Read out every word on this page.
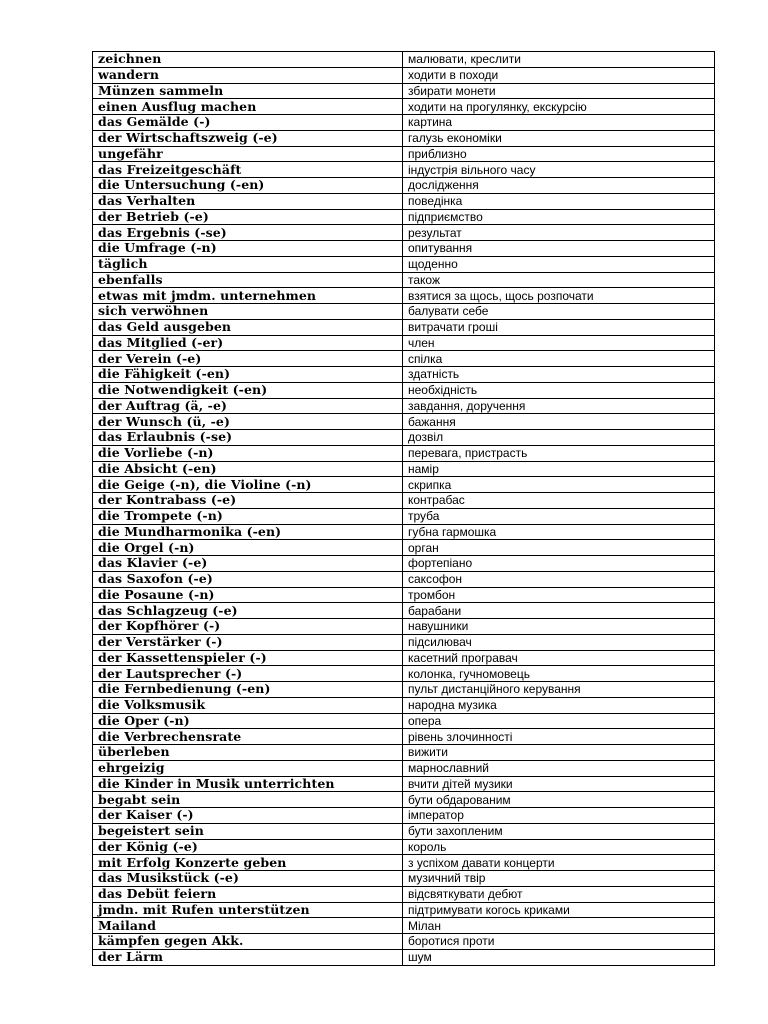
zeichnen	малювати, креслити
wandern	ходити в походи
Münzen sammeln	збирати монети
einen Ausflug machen	ходити на прогулянку, екскурсію
das Gemälde (-)	картина
der Wirtschaftszweig (-e)	галузь економіки
ungefähr	приблизно
das Freizeitgeschäft	індустрія вільного часу
die Untersuchung (-en)	дослідження
das Verhalten	поведінка
der Betrieb (-e)	підприємство
das Ergebnis (-se)	результат
die Umfrage (-n)	опитування
täglich	щоденно
ebenfalls	також
etwas mit jmdm. unternehmen	взятися за щось, щось розпочати
sich verwöhnen	балувати себе
das Geld ausgeben	витрачати гроші
das Mitglied (-er)	член
der Verein (-e)	спілка
die Fähigkeit (-en)	здатність
die Notwendigkeit (-en)	необхідність
der Auftrag (ä, -e)	завдання, доручення
der Wunsch (ü, -e)	бажання
das Erlaubnis (-se)	дозвіл
die Vorliebe (-n)	перевага, пристрасть
die Absicht (-en)	намір
die Geige (-n), die Violine (-n)	скрипка
der Kontrabass (-e)	контрабас
die Trompete (-n)	труба
die Mundharmonika (-en)	губна гармошка
die Orgel (-n)	орган
das Klavier (-e)	фортепіано
das Saxofon (-e)	саксофон
die Posaune (-n)	тромбон
das Schlagzeug (-e)	барабани
der Kopfhörer (-)	навушники
der Verstärker (-)	підсилювач
der Kassettenspieler (-)	касетний програвач
der Lautsprecher (-)	колонка, гучномовець
die Fernbedienung (-en)	пульт дистанційного керування
die Volksmusik	народна музика
die Oper (-n)	опера
die Verbrechensrate	рівень злочинності
überleben	вижити
ehrgeizig	марнославний
die Kinder in Musik unterrichten	вчити дітей музики
begabt sein	бути обдарованим
der Kaiser (-)	імператор
begeistert sein	бути захопленим
der König (-e)	король
mit Erfolg Konzerte geben	з успіхом давати концерти
das Musikstück (-e)	музичний твір
das Debüt feiern	відсвяткувати дебют
jmdn. mit Rufen unterstützen	підтримувати когось криками
Mailand	Мілан
kämpfen gegen Akk.	боротися проти
der Lärm	шум
